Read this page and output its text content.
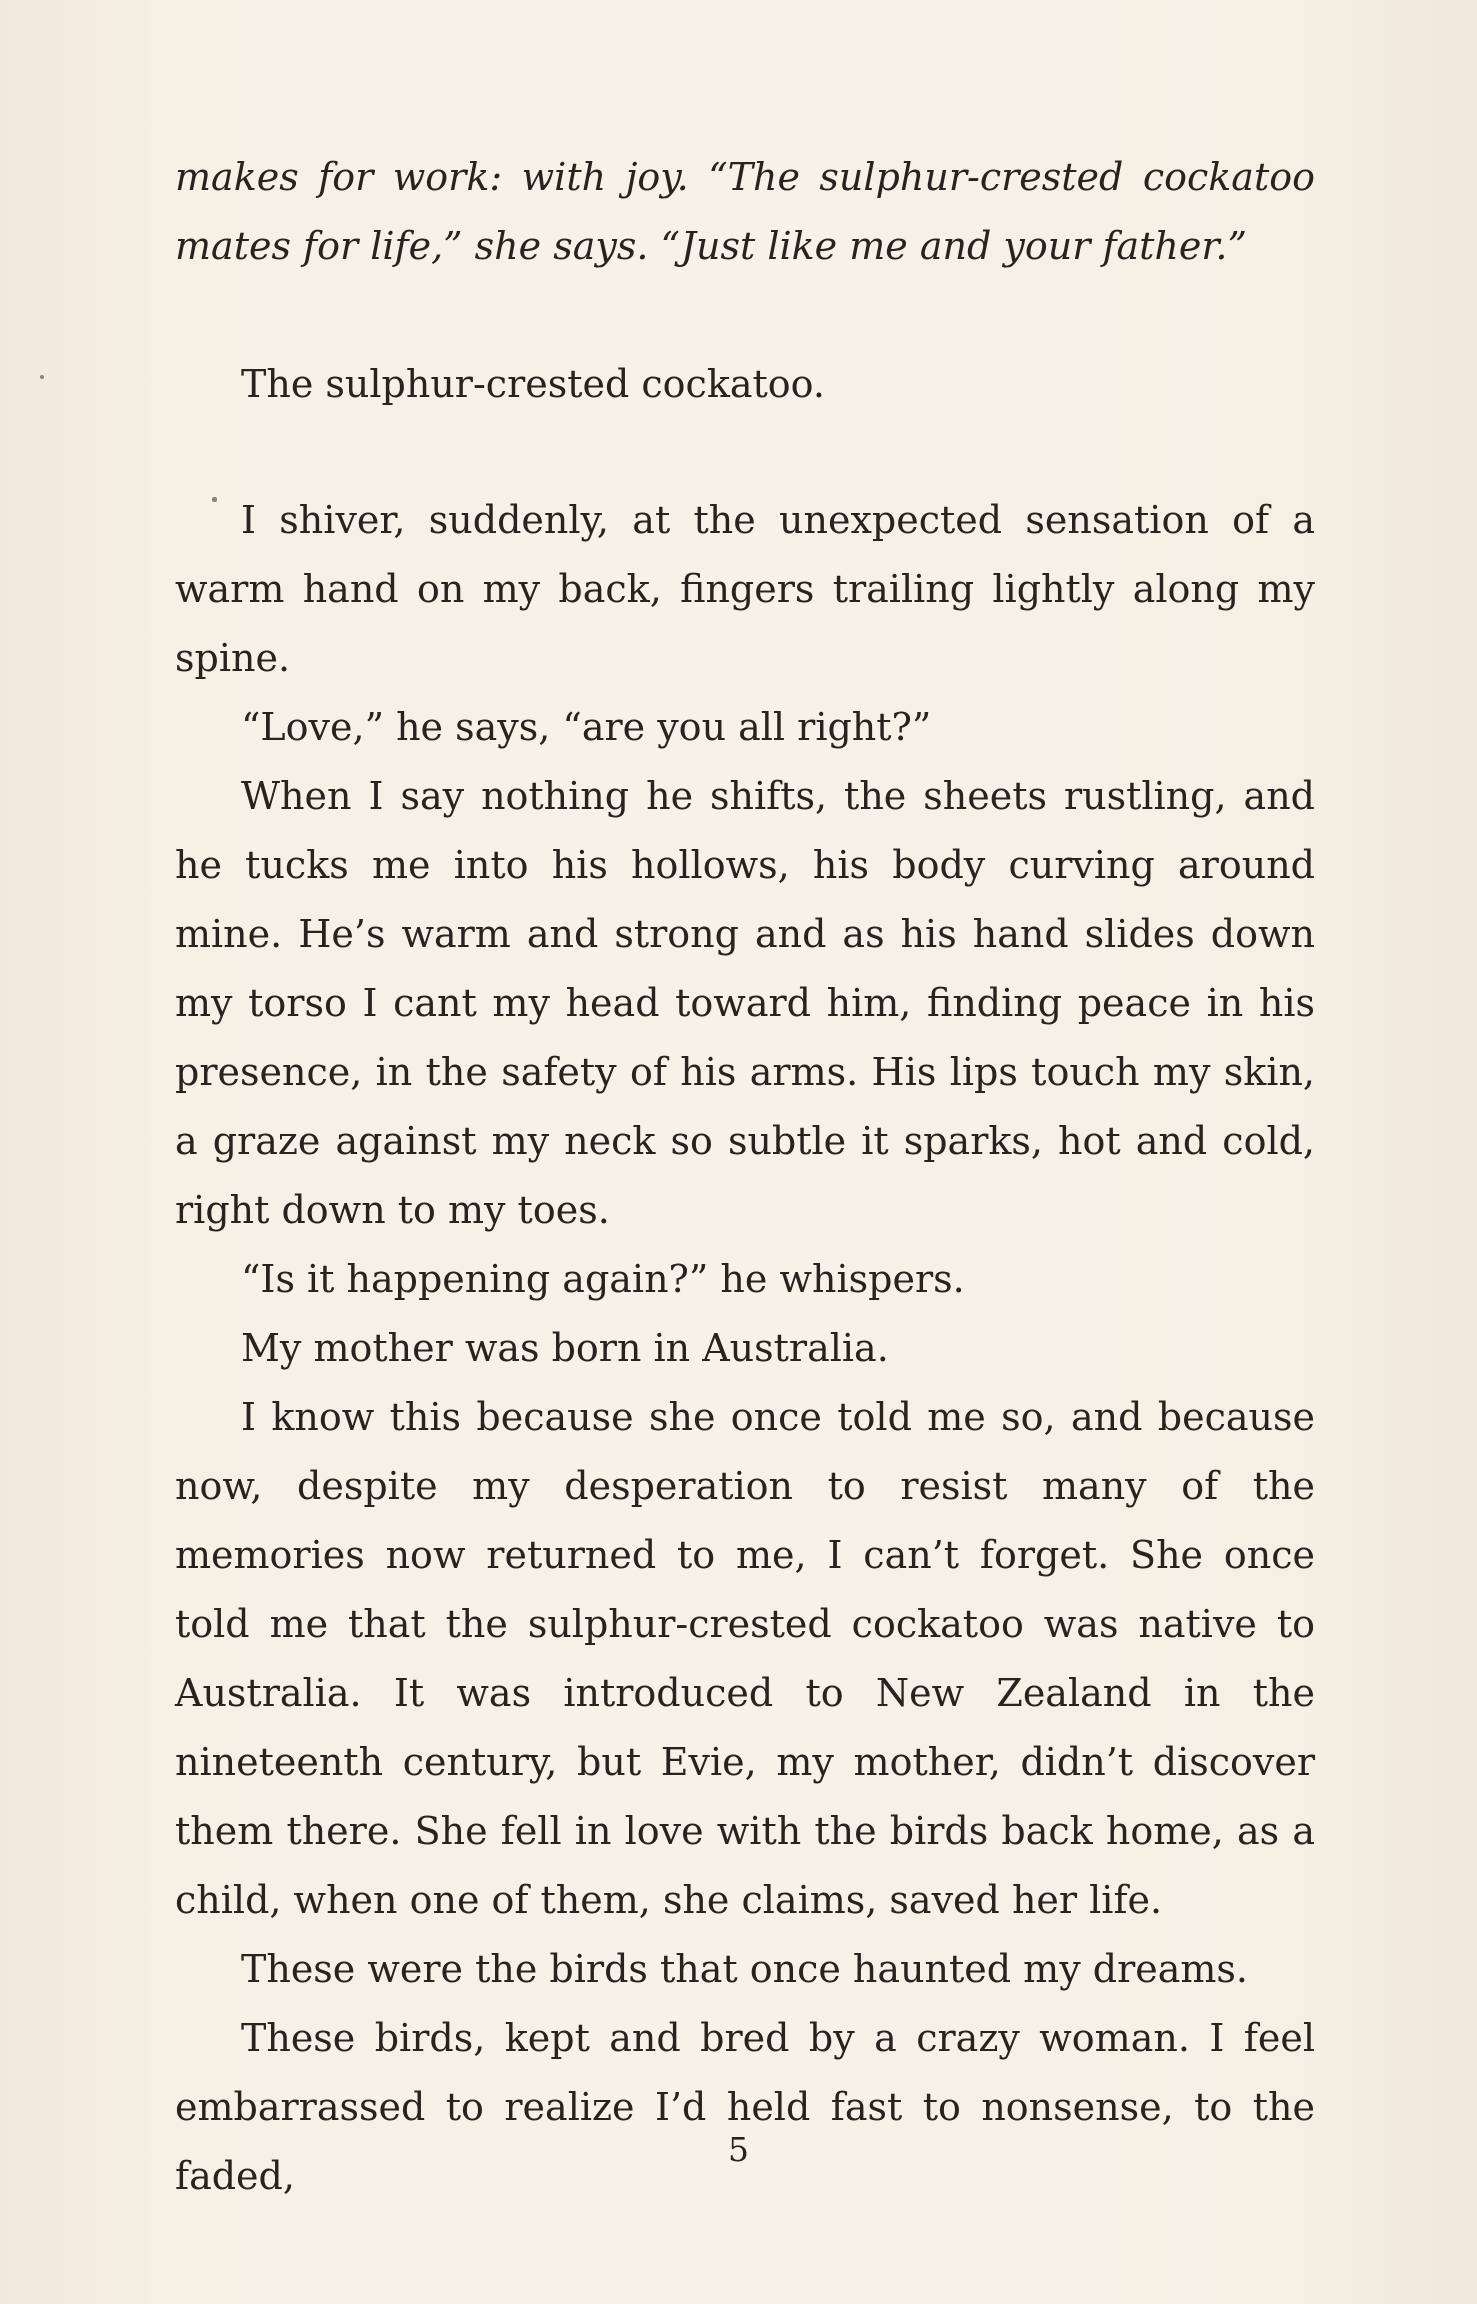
makes for work: with joy. “The sulphur-crested cockatoo mates for life,” she says. “Just like me and your father.”

The sulphur-crested cockatoo.

I shiver, suddenly, at the unexpected sensation of a warm hand on my back, fingers trailing lightly along my spine.

“Love,” he says, “are you all right?”

When I say nothing he shifts, the sheets rustling, and he tucks me into his hollows, his body curving around mine. He’s warm and strong and as his hand slides down my torso I cant my head toward him, finding peace in his presence, in the safety of his arms. His lips touch my skin, a graze against my neck so subtle it sparks, hot and cold, right down to my toes.

“Is it happening again?” he whispers.

My mother was born in Australia.

I know this because she once told me so, and because now, despite my desperation to resist many of the memories now returned to me, I can’t forget. She once told me that the sulphur-crested cockatoo was native to Australia. It was introduced to New Zealand in the nineteenth century, but Evie, my mother, didn’t discover them there. She fell in love with the birds back home, as a child, when one of them, she claims, saved her life.

These were the birds that once haunted my dreams.

These birds, kept and bred by a crazy woman. I feel embarrassed to realize I’d held fast to nonsense, to the faded,

5
